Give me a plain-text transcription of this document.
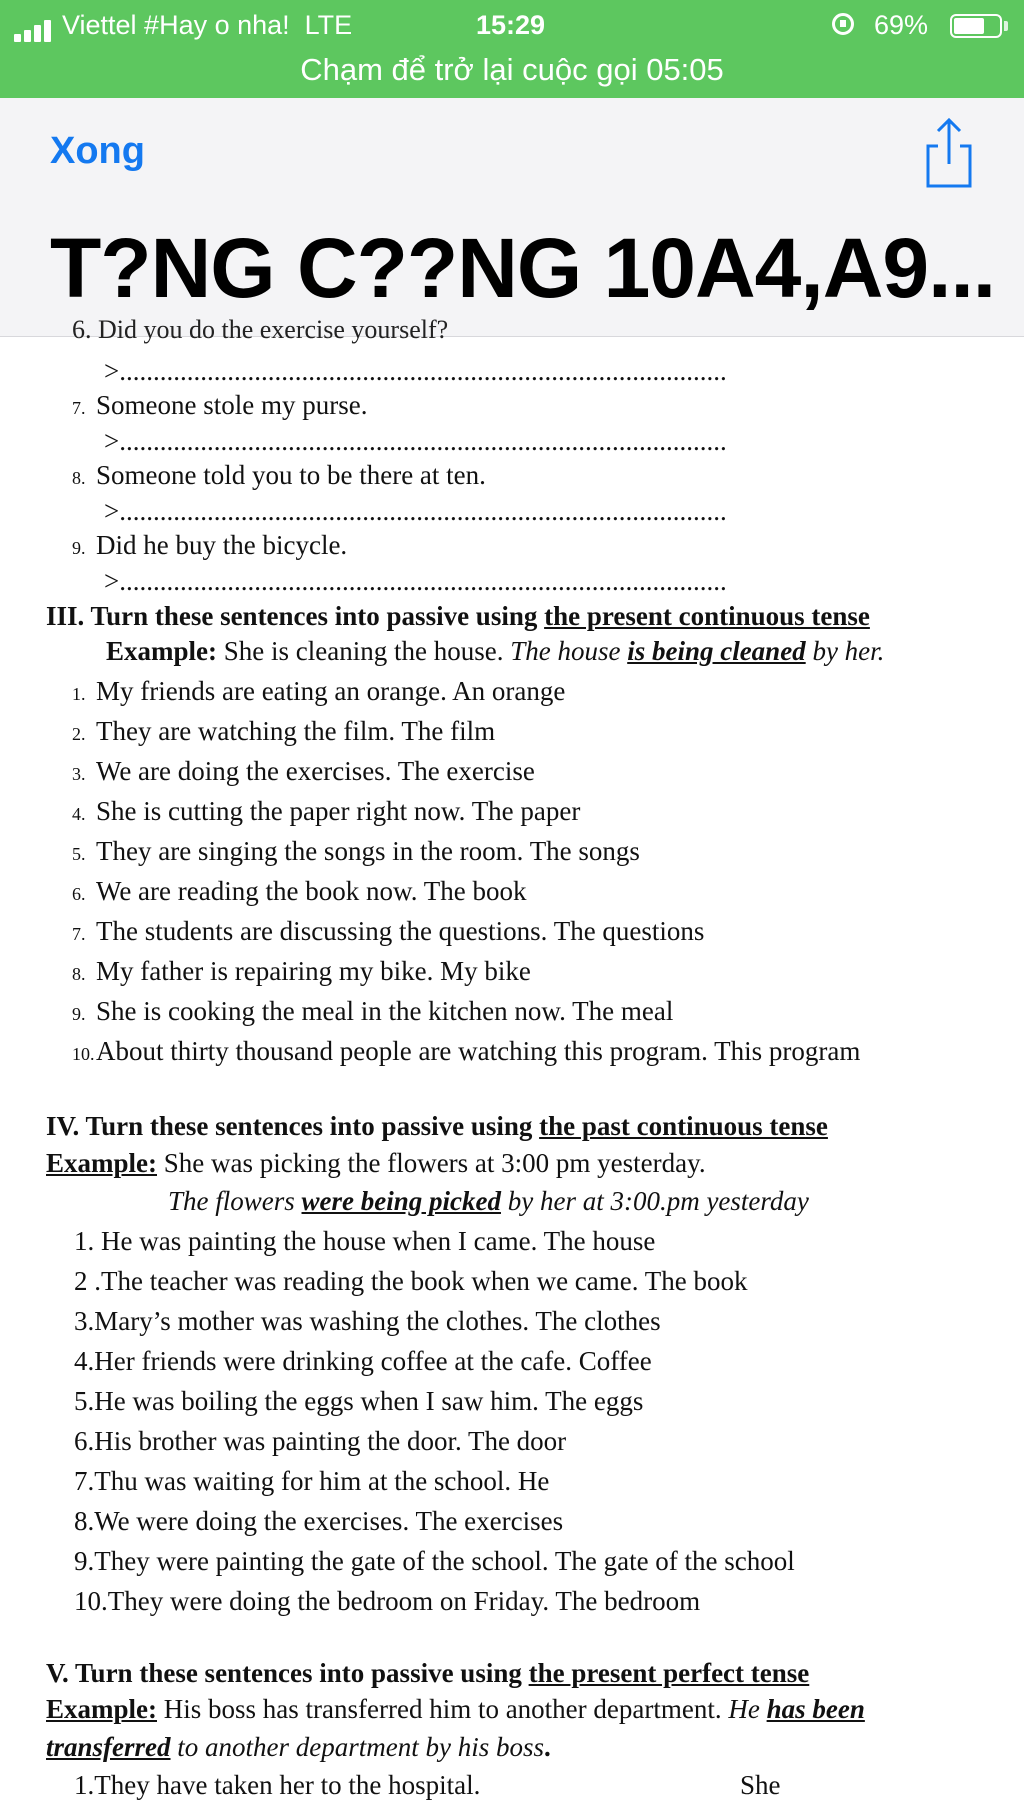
Viettel #Hay o nha! LTE	15:29	69%
Chạm để trở lại cuộc gọi 05:05
Xong
T?NG C??NG 10A4,A9...
6. Did you do the exercise yourself?
>..........................................................................................
7. Someone stole my purse.
>..........................................................................................
8. Someone told you to be there at ten.
>..........................................................................................
9. Did he buy the bicycle.
>..........................................................................................
III. Turn these sentences into passive using the present continuous tense
Example: She is cleaning the house. The house is being cleaned by her.
1. My friends are eating an orange. An orange
2. They are watching the film. The film
3. We are doing the exercises. The exercise
4. She is cutting the paper right now. The paper
5. They are singing the songs in the room. The songs
6. We are reading the book now. The book
7. The students are discussing the questions. The questions
8. My father is repairing my bike. My bike
9. She is cooking the meal in the kitchen now. The meal
10.About thirty thousand people are watching this program. This program
IV. Turn these sentences into passive using the past continuous tense
Example: She was picking the flowers at 3:00 pm yesterday.
The flowers were being picked by her at 3:00.pm yesterday
1. He was painting the house when I came. The house
2 .The teacher was reading the book when we came. The book
3.Mary’s mother was washing the clothes. The clothes
4.Her friends were drinking coffee at the cafe. Coffee
5.He was boiling the eggs when I saw him. The eggs
6.His brother was painting the door. The door
7.Thu was waiting for him at the school. He
8.We were doing the exercises. The exercises
9.They were painting the gate of the school. The gate of the school
10.They were doing the bedroom on Friday. The bedroom
V. Turn these sentences into passive using the present perfect tense
Example: His boss has transferred him to another department. He has been
transferred to another department by his boss.
1.They have taken her to the hospital.	She
